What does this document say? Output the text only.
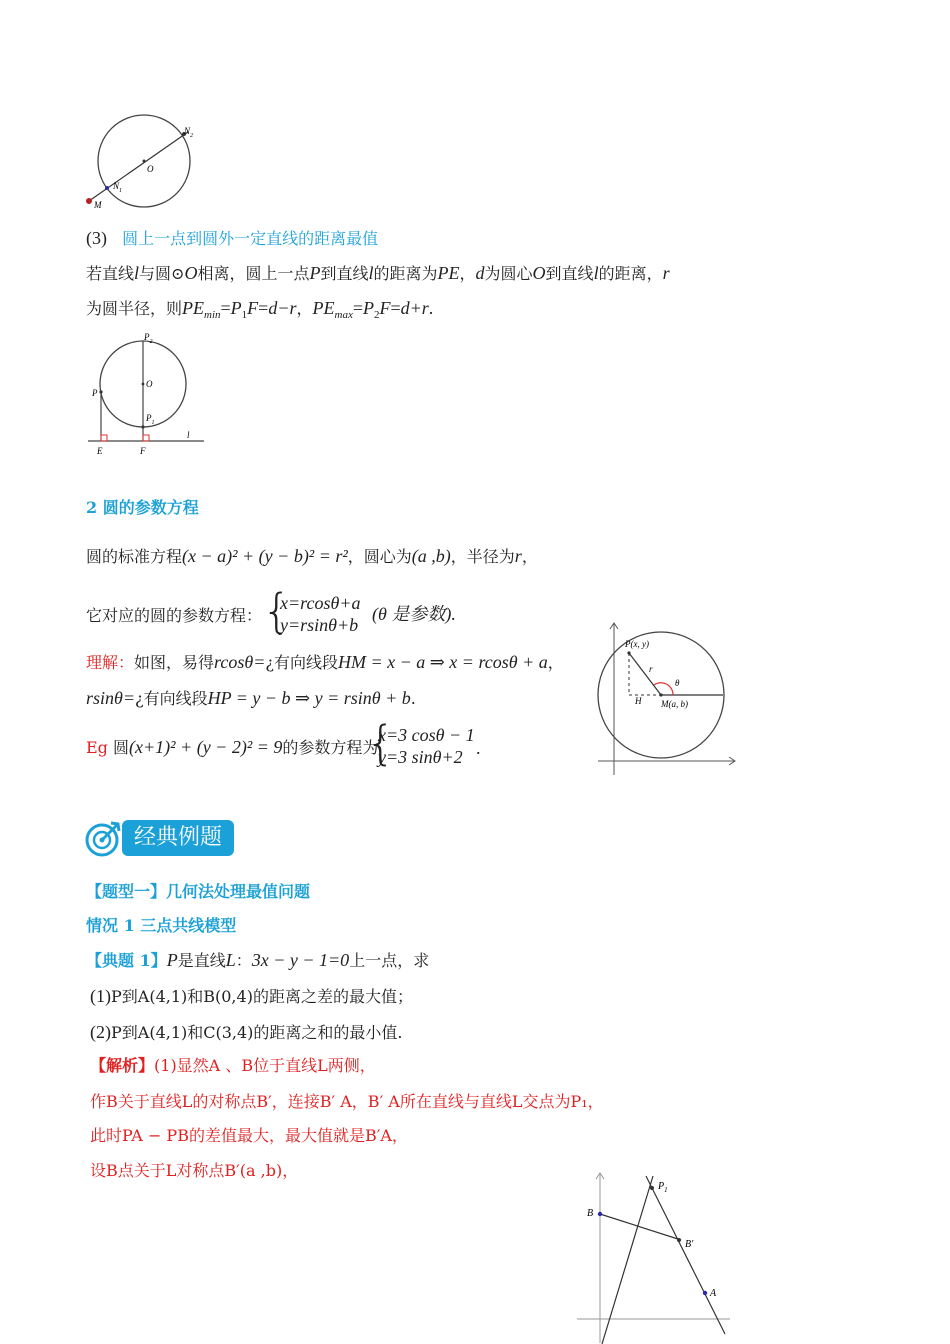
$N_2$
O
$N_1$
M
(3) 圆上一点到圆外一定直线的距离最值
若直线l与圆⊙O相离，圆上一点P到直线l的距离为PE，d为圆心O到直线l的距离，r
为圆半径，则$PE_{min}=P_1F=d-r$，$PE_{max}=P_2F=d+r$.
$P_2$
O
P
$P_1$
l
E	F
2 圆的参数方程
圆的标准方程(x − a)² + (y − b)² = r²，圆心为(a ,b)，半径为r，
它对应的圆的参数方程： {
x=rcosθ+a
y=rsinθ+b
(θ 是参数).
理解：如图，易得rcosθ=¿有向线段HM = x − a ⇒ x = rcosθ + a，
rsinθ=¿有向线段HP = y − b ⇒ y = rsinθ + b.
Eg 圆(x+1)² + (y − 2)² = 9的参数方程为
{
x=3 cosθ − 1
y=3 sinθ+2 .
P(x, y)
r
θ
H M(a, b)
经典例题
【题型一】几何法处理最值问题
情况 1 三点共线模型
【典题 1】P是直线L：3x − y − 1=0上一点，求
(1)P到A(4,1)和B(0,4)的距离之差的最大值；
(2)P到A(4,1)和C(3,4)的距离之和的最小值.
【解析】(1)显然A 、B位于直线L两侧，
作B关于直线L的对称点B′，连接B′ A，B′ A所在直线与直线L交点为P₁，
此时PA − PB的差值最大，最大值就是B′A，
设B点关于L对称点B′(a ,b)，
$P_1$
B
B′
A
